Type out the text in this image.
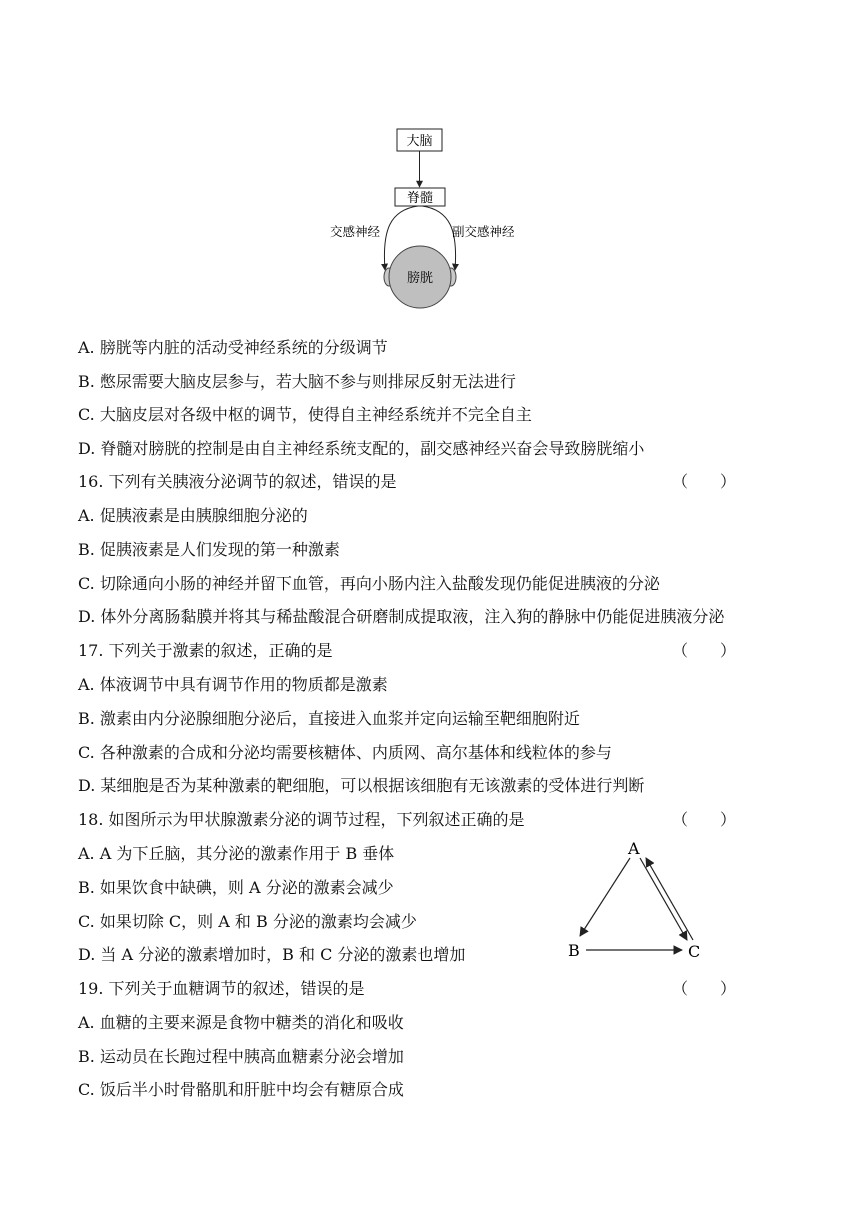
大脑
脊髓
交感神经	副交感神经
膀胱
A. 膀胱等内脏的活动受神经系统的分级调节
B. 憋尿需要大脑皮层参与，若大脑不参与则排尿反射无法进行
C. 大脑皮层对各级中枢的调节，使得自主神经系统并不完全自主
D. 脊髓对膀胱的控制是由自主神经系统支配的，副交感神经兴奋会导致膀胱缩小
16. 下列有关胰液分泌调节的叙述，错误的是	（　　）
A. 促胰液素是由胰腺细胞分泌的
B. 促胰液素是人们发现的第一种激素
C. 切除通向小肠的神经并留下血管，再向小肠内注入盐酸发现仍能促进胰液的分泌
D. 体外分离肠黏膜并将其与稀盐酸混合研磨制成提取液，注入狗的静脉中仍能促进胰液分泌
17. 下列关于激素的叙述，正确的是	（　　）
A. 体液调节中具有调节作用的物质都是激素
B. 激素由内分泌腺细胞分泌后，直接进入血浆并定向运输至靶细胞附近
C. 各种激素的合成和分泌均需要核糖体、内质网、高尔基体和线粒体的参与
D. 某细胞是否为某种激素的靶细胞，可以根据该细胞有无该激素的受体进行判断
18. 如图所示为甲状腺激素分泌的调节过程，下列叙述正确的是	（　　）
A. A 为下丘脑，其分泌的激素作用于 B 垂体
B. 如果饮食中缺碘，则 A 分泌的激素会减少
C. 如果切除 C，则 A 和 B 分泌的激素均会减少
D. 当 A 分泌的激素增加时，B 和 C 分泌的激素也增加
A
B	C
19. 下列关于血糖调节的叙述，错误的是	（　　）
A. 血糖的主要来源是食物中糖类的消化和吸收
B. 运动员在长跑过程中胰高血糖素分泌会增加
C. 饭后半小时骨骼肌和肝脏中均会有糖原合成
